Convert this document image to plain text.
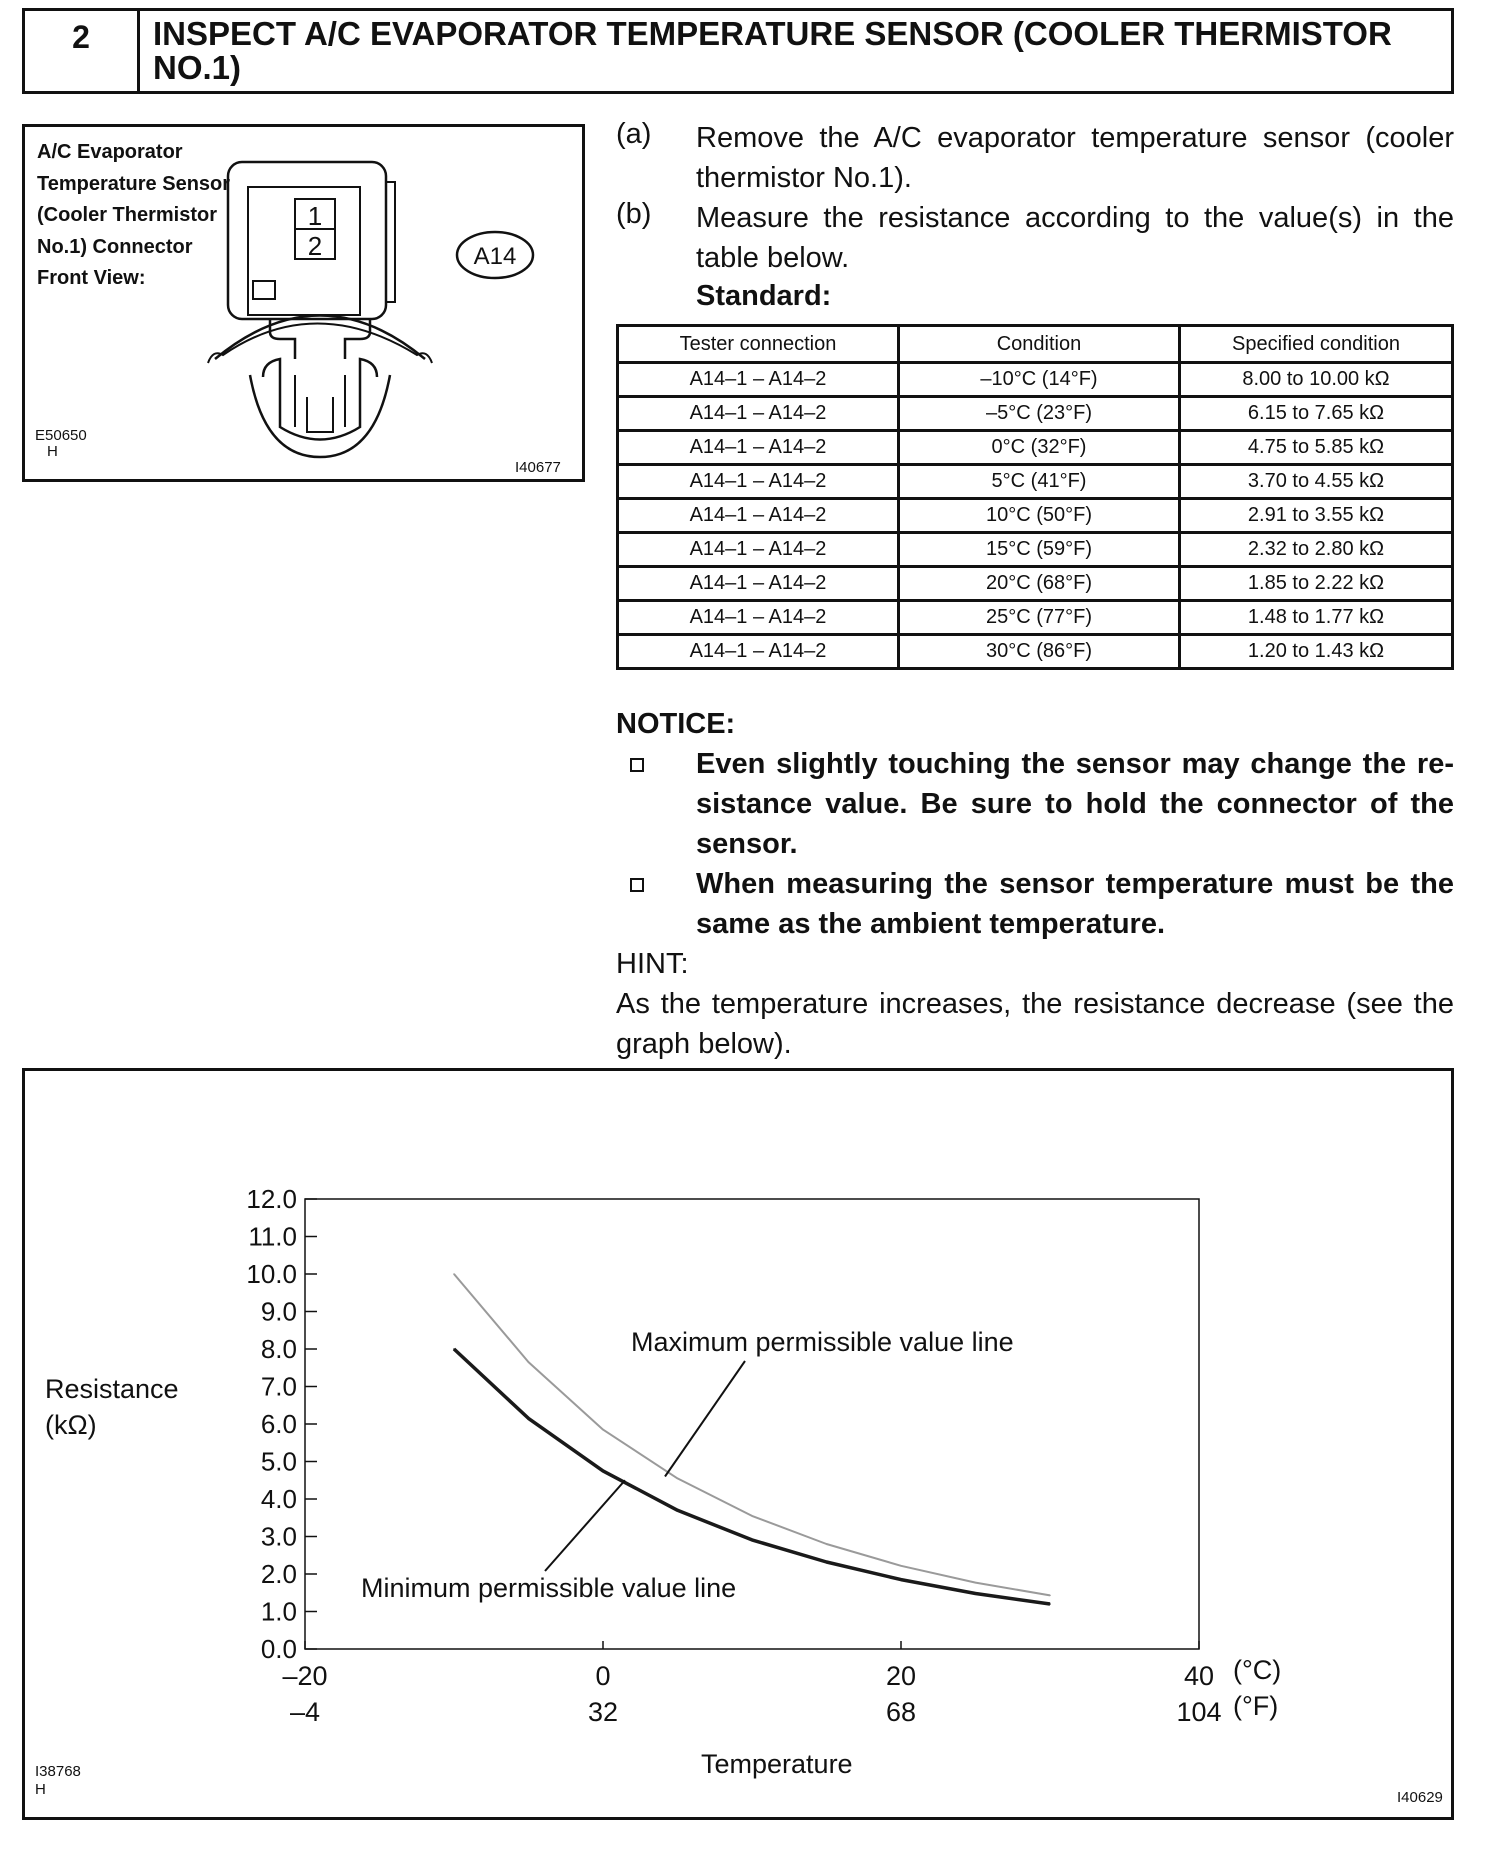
2	INSPECT A/C EVAPORATOR TEMPERATURE SENSOR (COOLER THERMISTOR NO.1)
A/C Evaporator Temperature Sensor (Cooler Thermistor No.1) Connector Front View:
1
2	A14
E50650
H
I40677
(a) Remove the A/C evaporator temperature sensor (cooler thermistor No.1).
(b) Measure the resistance according to the value(s) in the table below.
Standard:
Tester connection	Condition	Specified condition
A14–1 – A14–2	–10°C (14°F)	8.00 to 10.00 kΩ
A14–1 – A14–2	–5°C (23°F)	6.15 to 7.65 kΩ
A14–1 – A14–2	0°C (32°F)	4.75 to 5.85 kΩ
A14–1 – A14–2	5°C (41°F)	3.70 to 4.55 kΩ
A14–1 – A14–2	10°C (50°F)	2.91 to 3.55 kΩ
A14–1 – A14–2	15°C (59°F)	2.32 to 2.80 kΩ
A14–1 – A14–2	20°C (68°F)	1.85 to 2.22 kΩ
A14–1 – A14–2	25°C (77°F)	1.48 to 1.77 kΩ
A14–1 – A14–2	30°C (86°F)	1.20 to 1.43 kΩ
NOTICE:
Even slightly touching the sensor may change the re-sistance value. Be sure to hold the connector of the sensor.
When measuring the sensor temperature must be the same as the ambient temperature.
HINT:
As the temperature increases, the resistance decrease (see the graph below).
12.0
11.0
10.0
9.0
8.0
7.0
6.0
5.0
4.0
3.0
2.0
1.0
0.0
–20
–4
0
32
20
68
40
104
Resistance (kΩ)
Maximum permissible value line
Minimum permissible value line
(°C)
(°F)
Temperature
I38768
H	I40629
